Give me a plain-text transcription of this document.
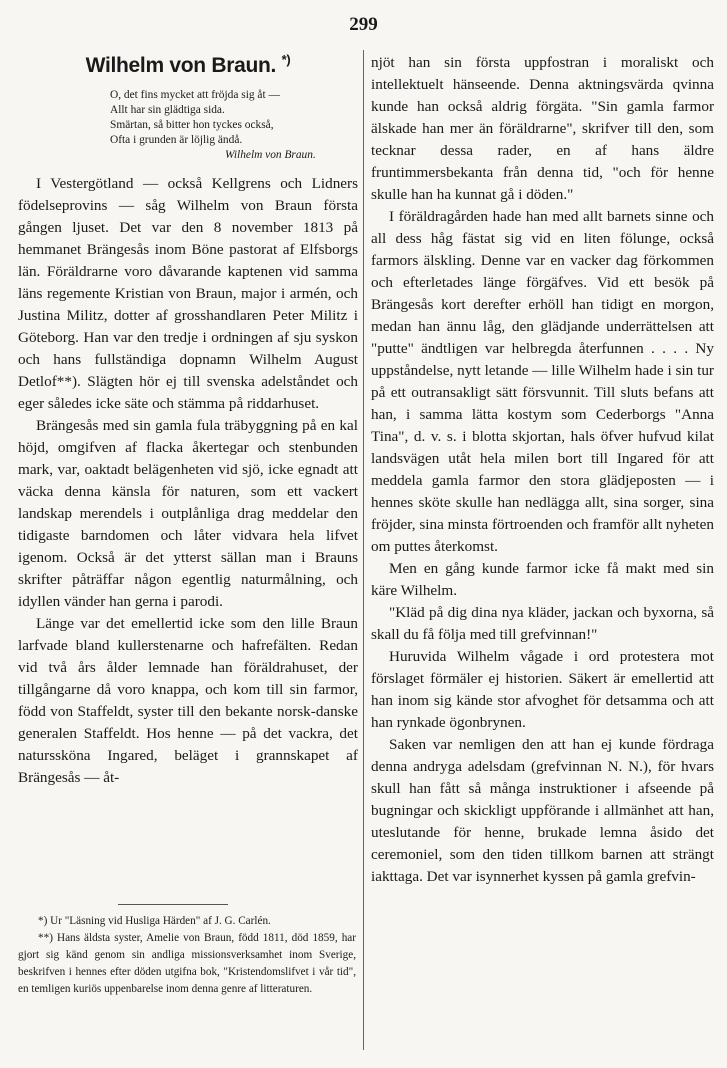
299
Wilhelm von Braun. *)
O, det fins mycket att fröjda sig åt —
Allt har sin glädtiga sida.
Smärtan, så bitter hon tyckes också,
Ofta i grunden är löjlig ändå.
Wilhelm von Braun.

I Vestergötland — också Kellgrens och Lidners födelseprovins — såg Wilhelm von Braun första gången ljuset. Det var den 8 november 1813 på hemmanet Brängesås inom Böne pastorat af Elfsborgs län. Föräldrarne voro dåvarande kaptenen vid samma läns regemente Kristian von Braun, major i armén, och Justina Militz, dotter af grosshandlaren Peter Militz i Göteborg. Han var den tredje i ordningen af sju syskon och hans fullständiga dopnamn Wilhelm August Detlof**). Slägten hör ej till svenska adelståndet och eger således icke säte och stämma på riddarhuset.

Brängesås med sin gamla fula träbyggning på en kal höjd, omgifven af flacka åkertegar och stenbunden mark, var, oaktadt belägenheten vid sjö, icke egnadt att väcka denna känsla för naturen, som ett vackert landskap merendels i outplånliga drag meddelar den tidigaste barndomen och låter vidvara hela lifvet igenom. Också är det ytterst sällan man i Brauns skrifter påträffar någon egentlig naturmålning, och idyllen vänder han gerna i parodi.

Länge var det emellertid icke som den lille Braun larfvade bland kullerstenarne och hafrefälten. Redan vid två års ålder lemnade han föräldrahuset, der tillgångarne då voro knappa, och kom till sin farmor, född von Staffeldt, syster till den bekante norsk-danske generalen Staffeldt. Hos henne — på det vackra, det naturssköna Ingared, beläget i grannskapet af Brängesås — åt-

*) Ur "Läsning vid Husliga Härden" af J. G. Carlén.

**) Hans äldsta syster, Amelie von Braun, född 1811, död 1859, har gjort sig känd genom sin andliga missionsverksamhet inom Sverige, beskrifven i hennes efter döden utgifna bok, "Kristendomslifvet i vår tid", en temligen kuriös uppenbarelse inom denna genre af litteraturen.

njöt han sin första uppfostran i moraliskt och intellektuelt hänseende. Denna aktningsvärda qvinna kunde han också aldrig förgäta. "Sin gamla farmor älskade han mer än föräldrarne", skrifver till den, som tecknar dessa rader, en af hans äldre fruntimmersbekanta från denna tid, "och för henne skulle han ha kunnat gå i döden."

I föräldragården hade han med allt barnets sinne och all dess håg fästat sig vid en liten fölunge, också farmors älskling. Denne var en vacker dag förkommen och efterletades länge förgäfves. Vid ett besök på Brängesås kort derefter erhöll han tidigt en morgon, medan han ännu låg, den glädjande underrättelsen att "putte" ändtligen var helbregda återfunnen . . . . Ny uppståndelse, nytt letande — lille Wilhelm hade i sin tur på ett outransakligt sätt försvunnit. Till sluts befans att han, i samma lätta kostym som Cederborgs "Anna Tina", d. v. s. i blotta skjortan, hals öfver hufvud kilat landsvägen utåt hela milen bort till Ingared för att meddela gamla farmor den stora glädjeposten — i hennes sköte skulle han nedlägga allt, sina sorger, sina fröjder, sina minsta förtroenden och framför allt nyheten om puttes återkomst.

Men en gång kunde farmor icke få makt med sin käre Wilhelm.

"Kläd på dig dina nya kläder, jackan och byxorna, så skall du få följa med till grefvinnan!"

Huruvida Wilhelm vågade i ord protestera mot förslaget förmäler ej historien. Säkert är emellertid att han inom sig kände stor afvoghet för detsamma och att han rynkade ögonbrynen.

Saken var nemligen den att han ej kunde fördraga denna andryga adelsdam (grefvinnan N. N.), för hvars skull han fått så många instruktioner i afseende på bugningar och skickligt uppförande i allmänhet att han, uteslutande för henne, brukade lemna åsido det ceremoniel, som den tiden tillkom barnen att strängt iakttaga. Det var isynnerhet kyssen på gamla grefvin-
